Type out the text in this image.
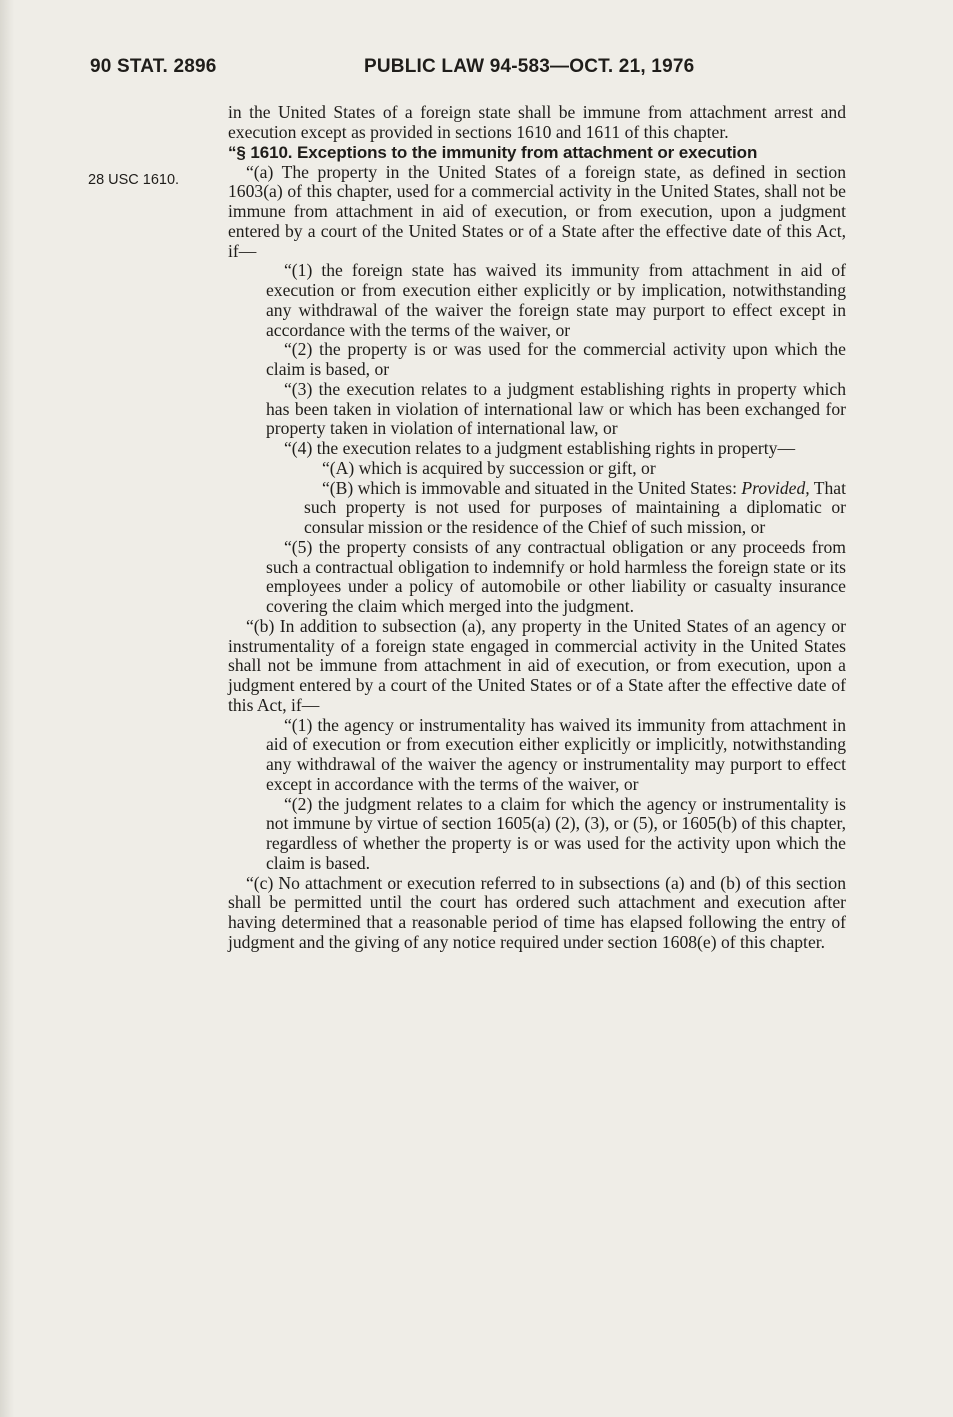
90 STAT. 2896	PUBLIC LAW 94-583—OCT. 21, 1976
28 USC 1610.

in the United States of a foreign state shall be immune from attachment arrest and execution except as provided in sections 1610 and 1611 of this chapter.

“§ 1610. Exceptions to the immunity from attachment or execution

“(a) The property in the United States of a foreign state, as defined in section 1603(a) of this chapter, used for a commercial activity in the United States, shall not be immune from attachment in aid of execution, or from execution, upon a judgment entered by a court of the United States or of a State after the effective date of this Act, if—

“(1) the foreign state has waived its immunity from attachment in aid of execution or from execution either explicitly or by implication, notwithstanding any withdrawal of the waiver the foreign state may purport to effect except in accordance with the terms of the waiver, or

“(2) the property is or was used for the commercial activity upon which the claim is based, or

“(3) the execution relates to a judgment establishing rights in property which has been taken in violation of international law or which has been exchanged for property taken in violation of international law, or

“(4) the execution relates to a judgment establishing rights in property—

“(A) which is acquired by succession or gift, or

“(B) which is immovable and situated in the United States: Provided, That such property is not used for purposes of maintaining a diplomatic or consular mission or the residence of the Chief of such mission, or

“(5) the property consists of any contractual obligation or any proceeds from such a contractual obligation to indemnify or hold harmless the foreign state or its employees under a policy of automobile or other liability or casualty insurance covering the claim which merged into the judgment.

“(b) In addition to subsection (a), any property in the United States of an agency or instrumentality of a foreign state engaged in commercial activity in the United States shall not be immune from attachment in aid of execution, or from execution, upon a judgment entered by a court of the United States or of a State after the effective date of this Act, if—

“(1) the agency or instrumentality has waived its immunity from attachment in aid of execution or from execution either explicitly or implicitly, notwithstanding any withdrawal of the waiver the agency or instrumentality may purport to effect except in accordance with the terms of the waiver, or

“(2) the judgment relates to a claim for which the agency or instrumentality is not immune by virtue of section 1605(a) (2), (3), or (5), or 1605(b) of this chapter, regardless of whether the property is or was used for the activity upon which the claim is based.

“(c) No attachment or execution referred to in subsections (a) and (b) of this section shall be permitted until the court has ordered such attachment and execution after having determined that a reasonable period of time has elapsed following the entry of judgment and the giving of any notice required under section 1608(e) of this chapter.
